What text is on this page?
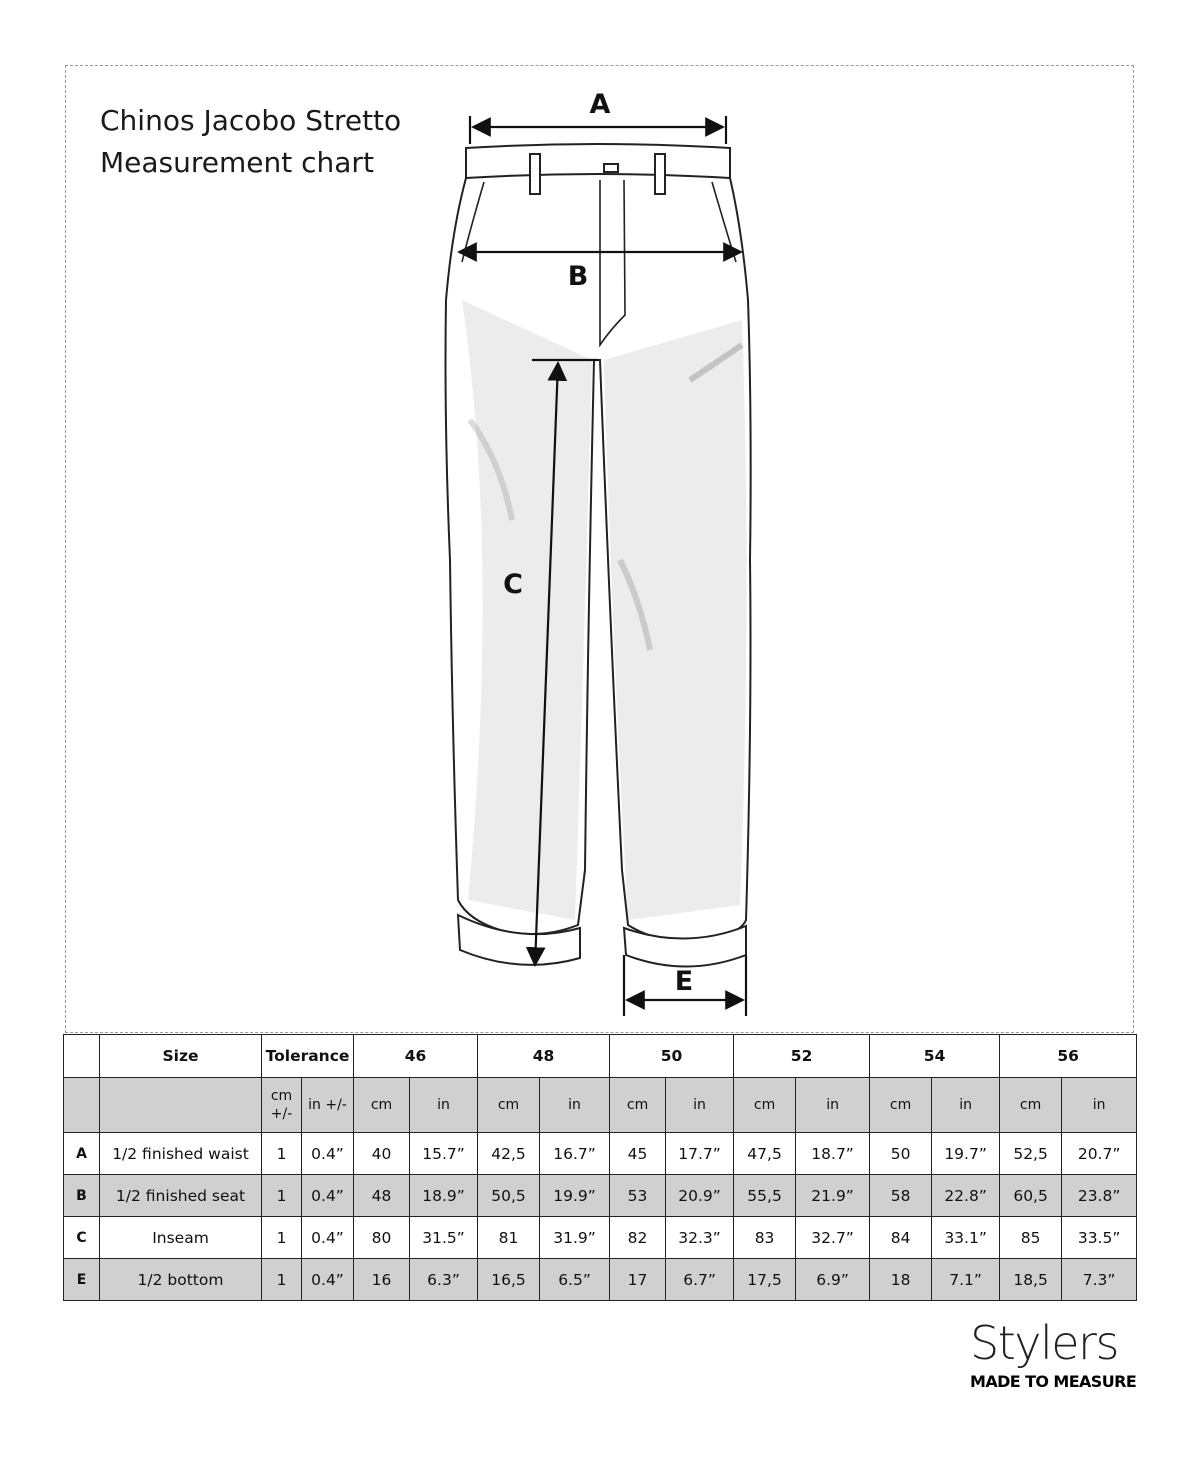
Chinos Jacobo Stretto
Measurement chart
A
B
C
E
	Size	Tolerance		46		48		50		52		54		56	
		cm +/-	in +/-	cm	in	cm	in	cm	in	cm	in	cm	in	cm	in
A	1/2 finished waist	1	0.4”	40	15.7”	42,5	16.7”	45	17.7”	47,5	18.7”	50	19.7”	52,5	20.7”
B	1/2 finished seat	1	0.4”	48	18.9”	50,5	19.9”	53	20.9”	55,5	21.9”	58	22.8”	60,5	23.8”
C	Inseam	1	0.4”	80	31.5”	81	31.9”	82	32.3”	83	32.7”	84	33.1”	85	33.5”
E	1/2 bottom	1	0.4”	16	6.3”	16,5	6.5”	17	6.7”	17,5	6.9”	18	7.1”	18,5	7.3”
Stylers
MADE TO MEASURE
